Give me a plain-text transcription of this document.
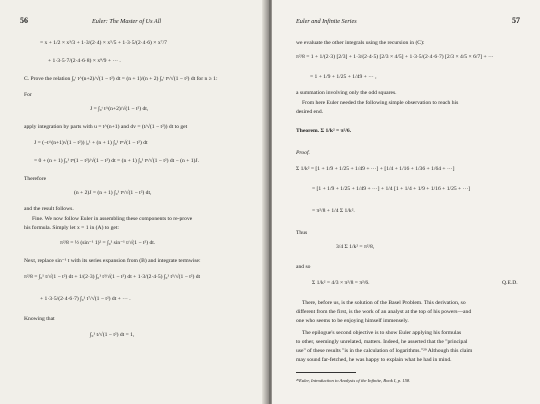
56	Euler: The Master of Us All
= x + 1/2 × x³/3 + 1·3/(2·4) × x⁵/5 + 1·3·5/(2·4·6) × x⁷/7
+ 1·3·5·7/(2·4·6·8) × x⁹/9 + ··· .
C. Prove the relation ∫₀ᵗ t^(n+2)/√(1 − t²) dt = (n + 1)/(n + 2) ∫₀ᵗ tⁿ/√(1 − t²) dt for n ≥ 1:
For
J = ∫₀ᵗ t^(n+2)/√(1 − t²) dt,
apply integration by parts with u = t^(n+1) and dv = (t/√(1 − t²)) dt to get
J = (−t^(n+1)√(1 − t²)) |₀¹ + (n + 1) ∫₀¹ tⁿ√(1 − t²) dt
= 0 + (n + 1) ∫₀¹ tⁿ(1 − t²)/√(1 − t²) dt = (n + 1) ∫₀¹ tⁿ/√(1 − t²) dt − (n + 1)J.
Therefore
(n + 2)J = (n + 1) ∫₀¹ tⁿ/√(1 − t²) dt,
and the result follows.
Fine. We now follow Euler in assembling these components to re-prove
his formula. Simply let x = 1 in (A) to get:
π²/8 = ½ (sin⁻¹ 1)² = ∫₀¹ sin⁻¹ t/√(1 − t²) dt.
Next, replace sin⁻¹ t with its series expansion from (B) and integrate termwise:
π²/8 = ∫₀¹ t/√(1 − t²) dt + 1/(2·3) ∫₀¹ t³/√(1 − t²) dt + 1·3/(2·4·5) ∫₀¹ t⁵/√(1 − t²) dt
+ 1·3·5/(2·4·6·7) ∫₀¹ t⁷/√(1 − t²) dt + ··· .
Knowing that
∫₀¹ t/√(1 − t²) dt = 1,
Euler and Infinite Series	57
we evaluate the other integrals using the recursion in (C):
π²/8 = 1 + 1/(2·3) [2/3] + 1·3/(2·4·5) [2/3 × 4/5] + 1·3·5/(2·4·6·7) [2/3 × 4/5 × 6/7] + ···
= 1 + 1/9 + 1/25 + 1/49 + ··· ,
a summation involving only the odd squares.
From here Euler needed the following simple observation to reach his
desired end.
Theorem. Σ 1/k² = π²/6.
Proof.
Σ 1/k² = [1 + 1/9 + 1/25 + 1/49 + ···] + [1/4 + 1/16 + 1/36 + 1/64 + ···]
= [1 + 1/9 + 1/25 + 1/49 + ···] + 1/4 [1 + 1/4 + 1/9 + 1/16 + 1/25 + ···]
= π²/8 + 1/4 Σ 1/k².
Thus
3/4 Σ 1/k² = π²/8,
and so
Σ 1/k² = 4/3 × π²/8 = π²/6.	Q.E.D.
There, before us, is the solution of the Basel Problem. This derivation, so
different from the first, is the work of an analyst at the top of his powers—and
one who seems to be enjoying himself immensely.
The epilogue's second objective is to show Euler applying his formulas
to other, seemingly unrelated, matters. Indeed, he asserted that the "principal
use" of these results "is in the calculation of logarithms."²⁹ Although this claim
may sound far-fetched, he was happy to explain what he had in mind.
²⁹Euler, Introduction to Analysis of the Infinite, Book I, p. 158.
